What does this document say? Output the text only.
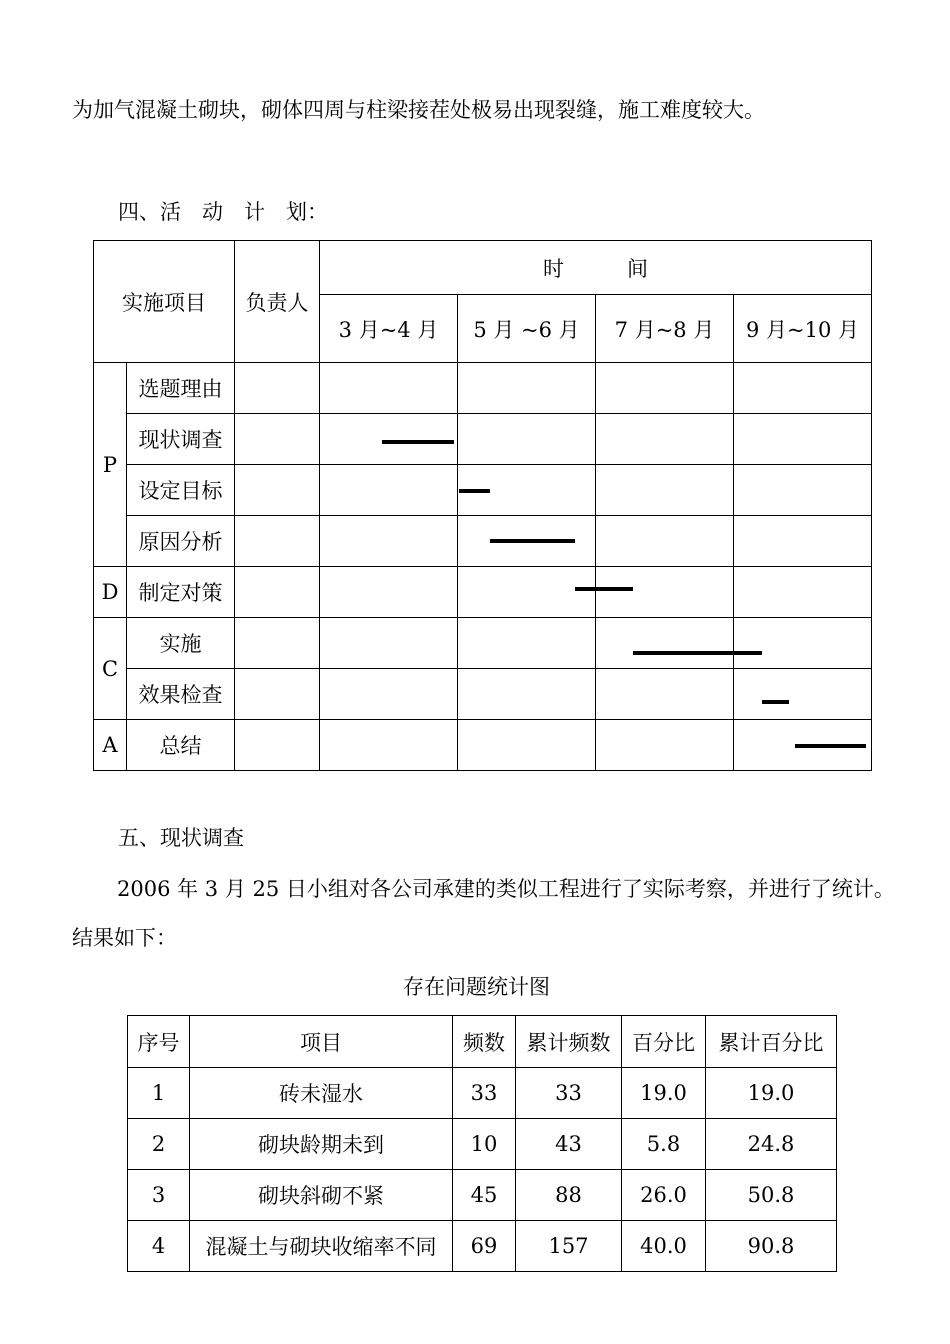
为加气混凝土砌块，砌体四周与柱梁接茬处极易出现裂缝，施工难度较大。
四、活　动　计　划：
实施项目		负责人	时　　　间			
			3 月~4 月	5 月 ~6 月	7 月~8 月	9 月~10 月
P	选题理由					
	现状调查					
	设定目标					
	原因分析					
D	制定对策					
C	实施					
	效果检查					
A	总结					
五、现状调查
2006 年 3 月 25 日小组对各公司承建的类似工程进行了实际考察，并进行了统计。
结果如下：
存在问题统计图
序号	项目	频数	累计频数	百分比	累计百分比
1	砖未湿水	33	33	19.0	19.0
2	砌块龄期未到	10	43	5.8	24.8
3	砌块斜砌不紧	45	88	26.0	50.8
4	混凝土与砌块收缩率不同	69	157	40.0	90.8
